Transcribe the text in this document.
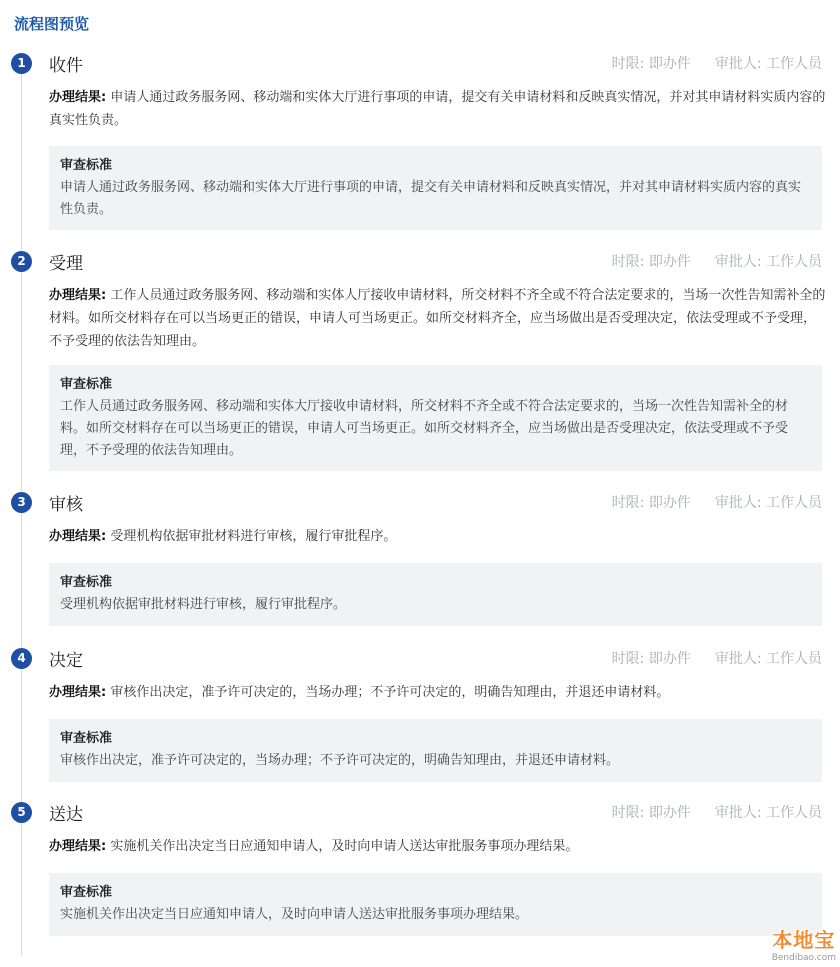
流程图预览
1	收件	时限: 即办件 审批人: 工作人员
办理结果: 申请人通过政务服务网、移动端和实体大厅进行事项的申请，提交有关申请材料和反映真实情况，并对其申请材料实质内容的真实性负责。
审查标准
申请人通过政务服务网、移动端和实体大厅进行事项的申请，提交有关申请材料和反映真实情况，并对其申请材料实质内容的真实性负责。
2	受理	时限: 即办件 审批人: 工作人员
办理结果: 工作人员通过政务服务网、移动端和实体人厅接收申请材料，所交材料不齐全或不符合法定要求的，当场一次性告知需补全的材料。如所交材料存在可以当场更正的错误，申请人可当场更正。如所交材料齐全，应当场做出是否受理决定，依法受理或不予受理，不予受理的依法告知理由。
审查标准
工作人员通过政务服务网、移动端和实体大厅接收申请材料，所交材料不齐全或不符合法定要求的，当场一次性告知需补全的材料。如所交材料存在可以当场更正的错误，申请人可当场更正。如所交材料齐全，应当场做出是否受理决定，依法受理或不予受理，不予受理的依法告知理由。
3	审核	时限: 即办件 审批人: 工作人员
办理结果: 受理机构依据审批材料进行审核，履行审批程序。
审查标准
受理机构依据审批材料进行审核，履行审批程序。
4	决定	时限: 即办件 审批人: 工作人员
办理结果: 审核作出决定，准予许可决定的，当场办理；不予许可决定的，明确告知理由，并退还申请材料。
审查标准
审核作出决定，准予许可决定的，当场办理；不予许可决定的，明确告知理由，并退还申请材料。
5	送达	时限: 即办件 审批人: 工作人员
办理结果: 实施机关作出决定当日应通知申请人，及时向申请人送达审批服务事项办理结果。
审查标准
实施机关作出决定当日应通知申请人，及时向申请人送达审批服务事项办理结果。
本地宝
Bendibao.com
